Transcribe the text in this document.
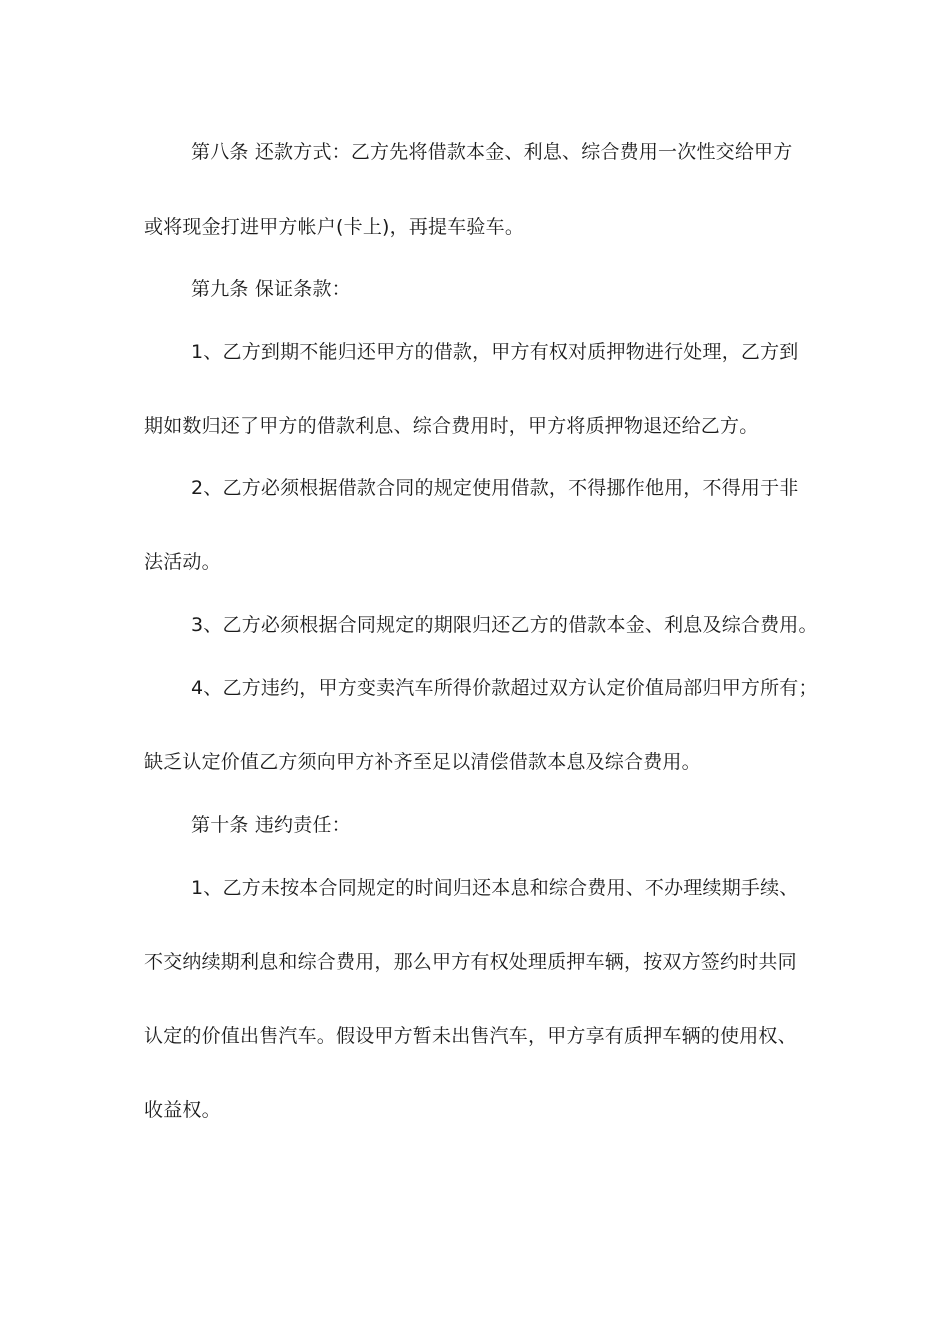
第八条 还款方式：乙方先将借款本金、利息、综合费用一次性交给甲方
或将现金打进甲方帐户(卡上)，再提车验车。
第九条 保证条款：
1、乙方到期不能归还甲方的借款，甲方有权对质押物进行处理，乙方到
期如数归还了甲方的借款利息、综合费用时，甲方将质押物退还给乙方。
2、乙方必须根据借款合同的规定使用借款，不得挪作他用，不得用于非
法活动。
3、乙方必须根据合同规定的期限归还乙方的借款本金、利息及综合费用。
4、乙方违约，甲方变卖汽车所得价款超过双方认定价值局部归甲方所有；
缺乏认定价值乙方须向甲方补齐至足以清偿借款本息及综合费用。
第十条 违约责任：
1、乙方未按本合同规定的时间归还本息和综合费用、不办理续期手续、
不交纳续期利息和综合费用，那么甲方有权处理质押车辆，按双方签约时共同
认定的价值出售汽车。假设甲方暂未出售汽车，甲方享有质押车辆的使用权、
收益权。
